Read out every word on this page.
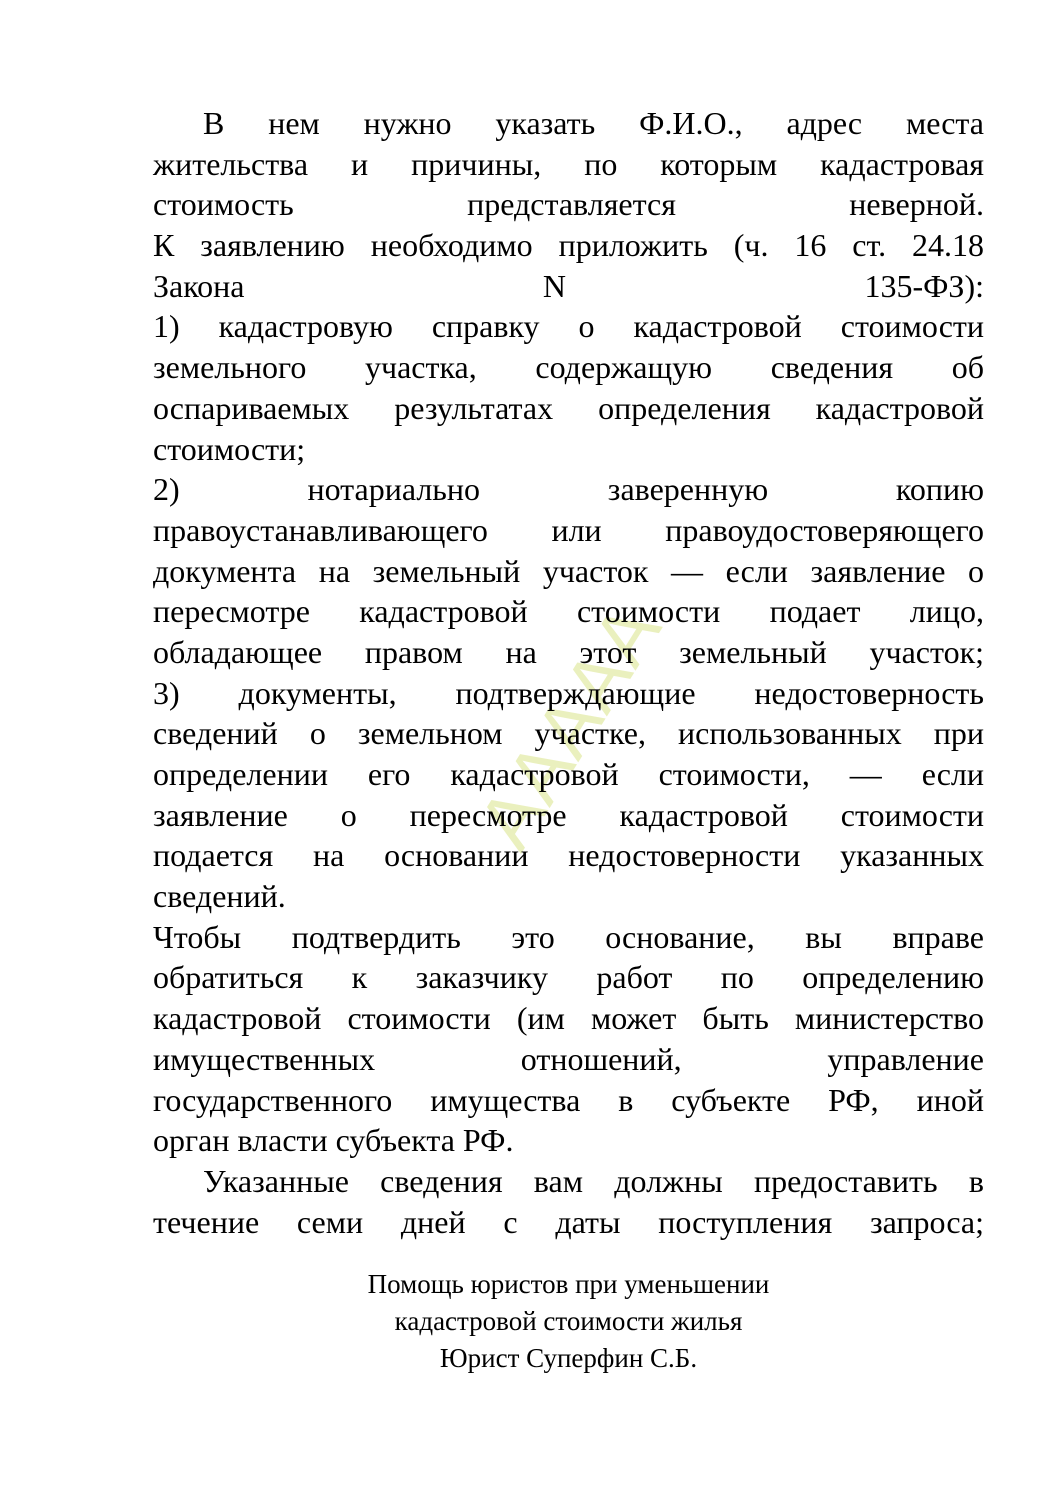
AAAAA
В нем нужно указать Ф.И.О., адрес места
жительства и причины, по которым кадастровая
стоимость представляется неверной.
К заявлению необходимо приложить (ч. 16 ст. 24.18
Закона N 135-ФЗ):
1) кадастровую справку о кадастровой стоимости
земельного участка, содержащую сведения об
оспариваемых результатах определения кадастровой
стоимости;
2) нотариально заверенную копию
правоустанавливающего или правоудостоверяющего
документа на земельный участок — если заявление о
пересмотре кадастровой стоимости подает лицо,
обладающее правом на этот земельный участок;
3) документы, подтверждающие недостоверность
сведений о земельном участке, использованных при
определении его кадастровой стоимости, — если
заявление о пересмотре кадастровой стоимости
подается на основании недостоверности указанных
сведений.
Чтобы подтвердить это основание, вы вправе
обратиться к заказчику работ по определению
кадастровой стоимости (им может быть министерство
имущественных отношений, управление
государственного имущества в субъекте РФ, иной
орган власти субъекта РФ.
Указанные сведения вам должны предоставить в
течение семи дней с даты поступления запроса;
Помощь юристов при уменьшении
кадастровой стоимости жилья
Юрист Суперфин С.Б.
